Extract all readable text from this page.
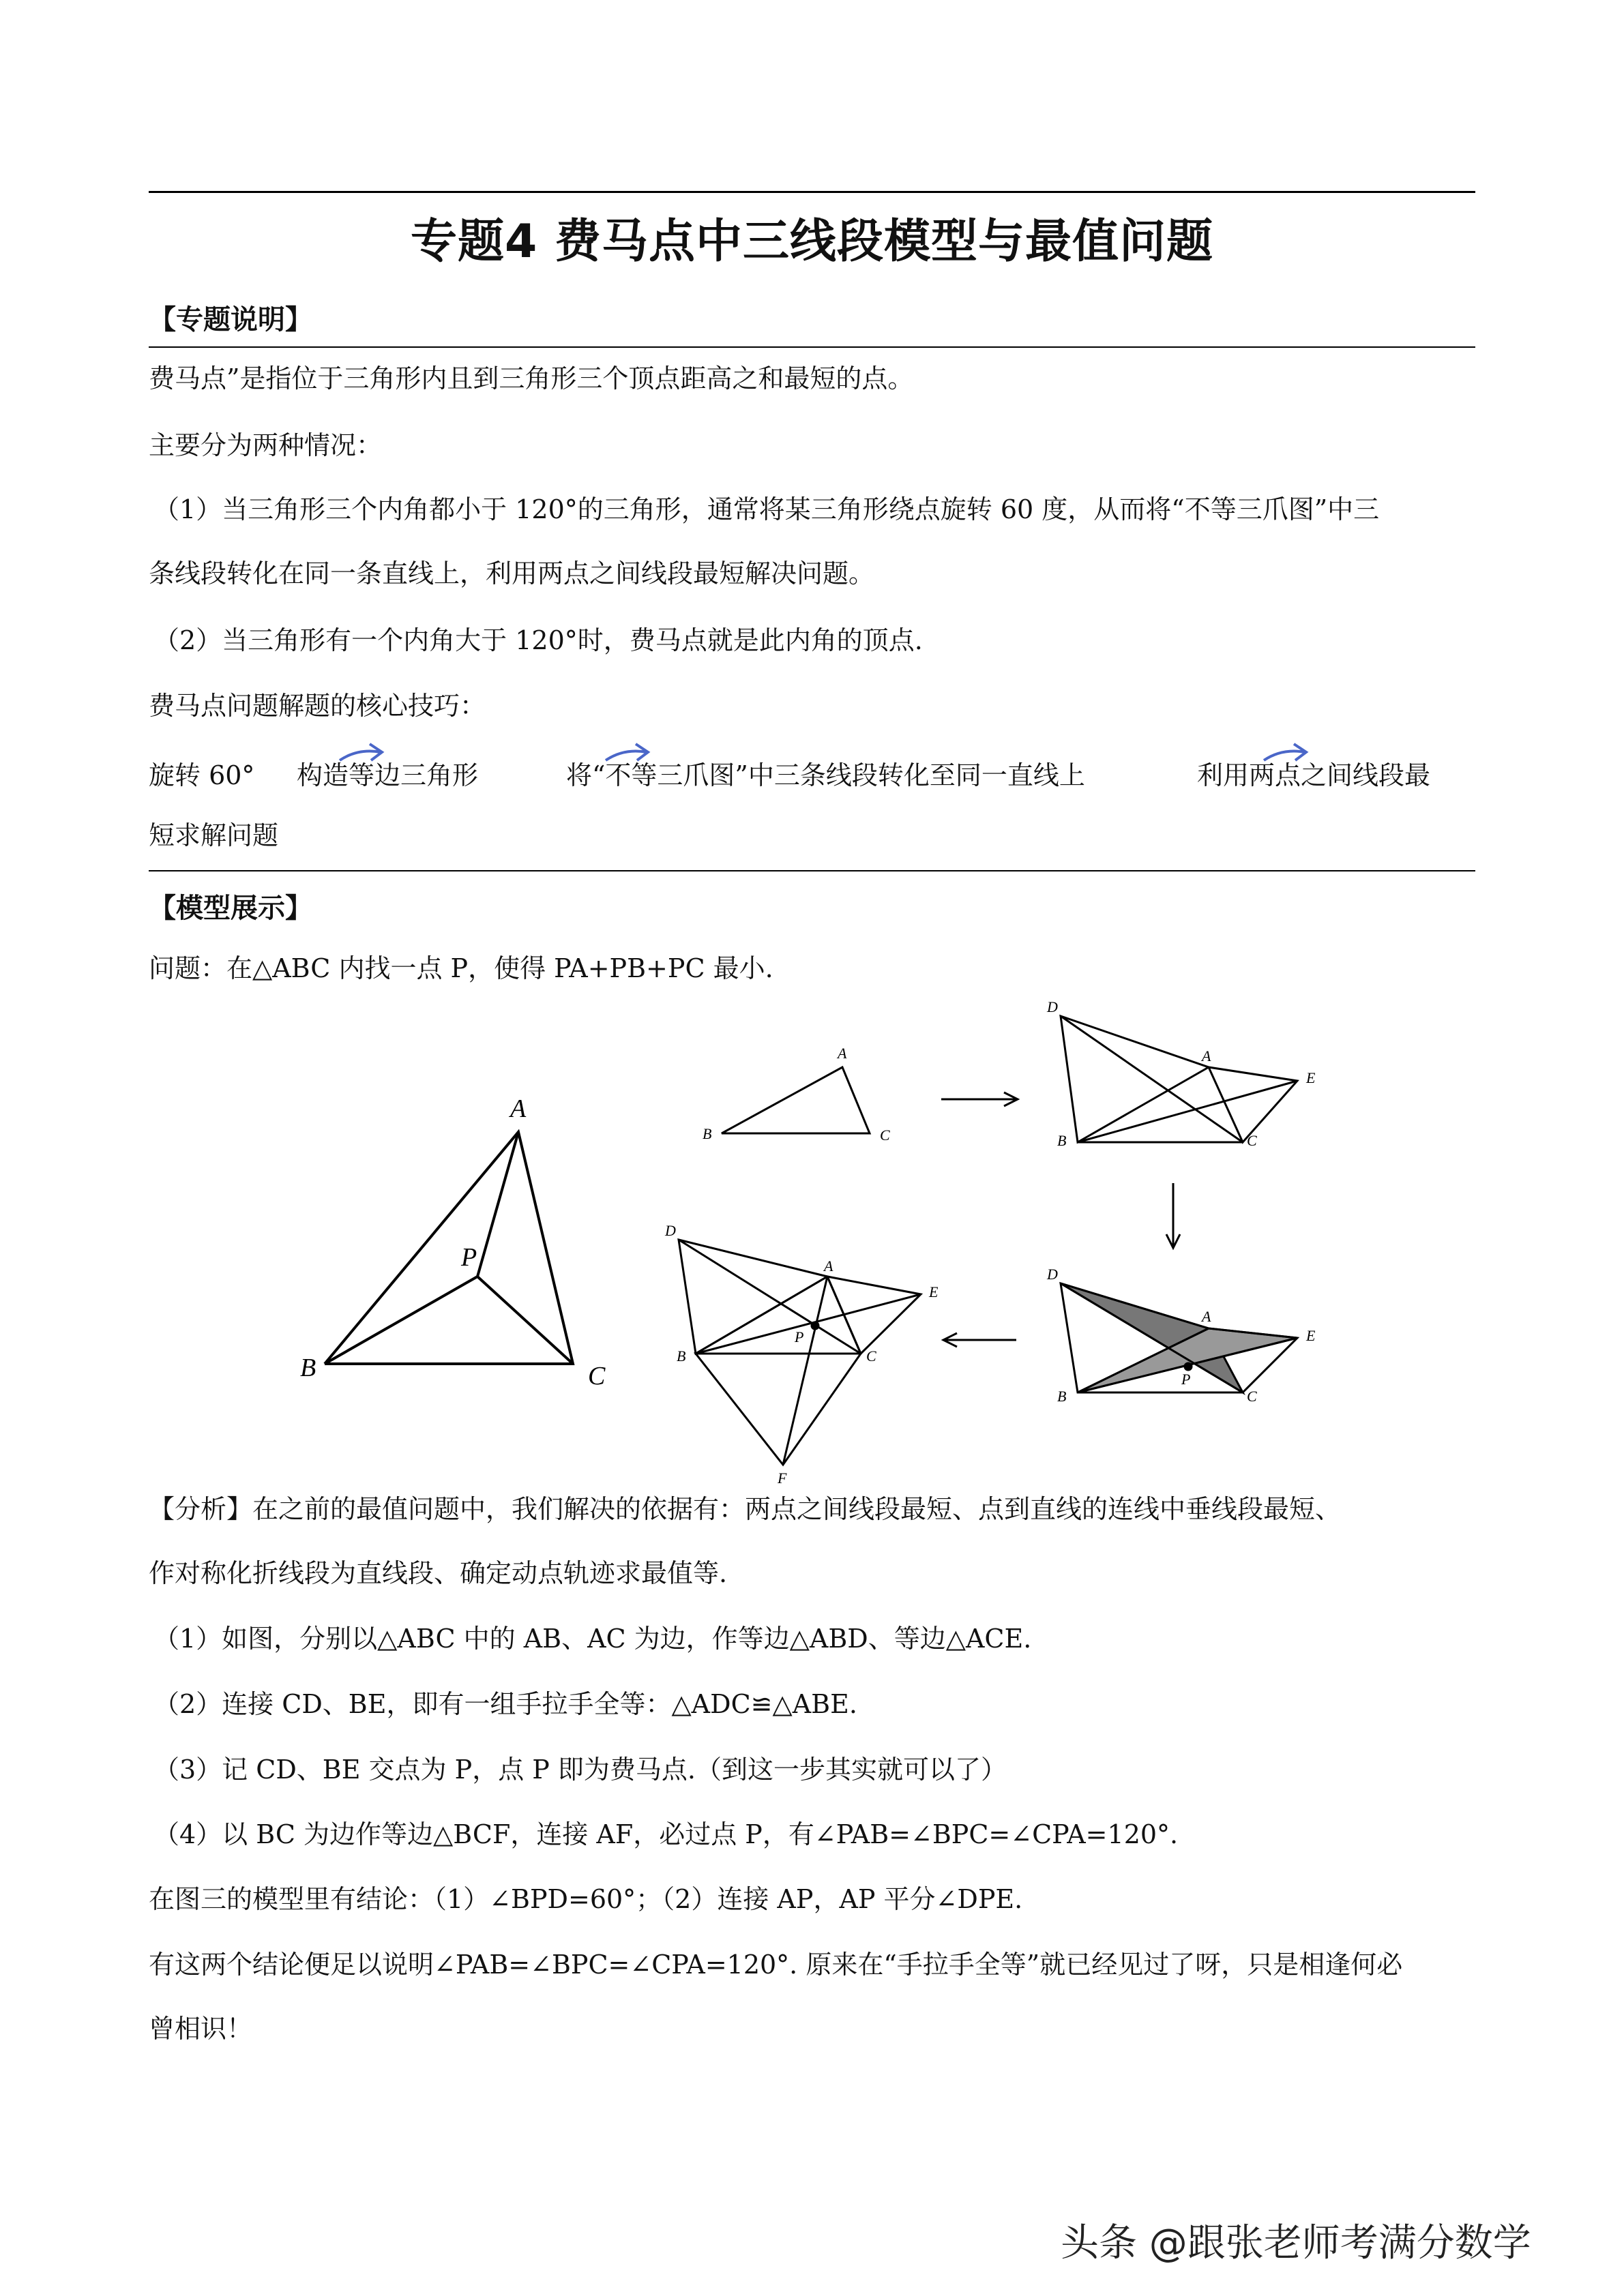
专题4 费马点中三线段模型与最值问题
【专题说明】
费马点”是指位于三角形内且到三角形三个顶点距高之和最短的点。
主要分为两种情况：
（1）当三角形三个内角都小于 120°的三角形，通常将某三角形绕点旋转 60 度，从而将“不等三爪图”中三
条线段转化在同一条直线上，利用两点之间线段最短解决问题。
（2）当三角形有一个内角大于 120°时，费马点就是此内角的顶点.
费马点问题解题的核心技巧：
旋转 60° 构造等边三角形	将“不等三爪图”中三条线段转化至同一直线上	利用两点之间线段最
短求解问题
【模型展示】
问题：在△ABC 内找一点 P，使得 PA+PB+PC 最小.
A
B	C
P
A
B	C
D
A
E
B	C
D
A
E
P
B	C
D
A
E
P
B	C
F
【分析】在之前的最值问题中，我们解决的依据有：两点之间线段最短、点到直线的连线中垂线段最短、
作对称化折线段为直线段、确定动点轨迹求最值等.
（1）如图，分别以△ABC 中的 AB、AC 为边，作等边△ABD、等边△ACE.
（2）连接 CD、BE，即有一组手拉手全等：△ADC≌△ABE.
（3）记 CD、BE 交点为 P，点 P 即为费马点.（到这一步其实就可以了）
（4）以 BC 为边作等边△BCF，连接 AF，必过点 P，有∠PAB=∠BPC=∠CPA=120°.
在图三的模型里有结论：（1）∠BPD=60°；（2）连接 AP，AP 平分∠DPE.
有这两个结论便足以说明∠PAB=∠BPC=∠CPA=120°. 原来在“手拉手全等”就已经见过了呀，只是相逢何必
曾相识！
头条 @跟张老师考满分数学
